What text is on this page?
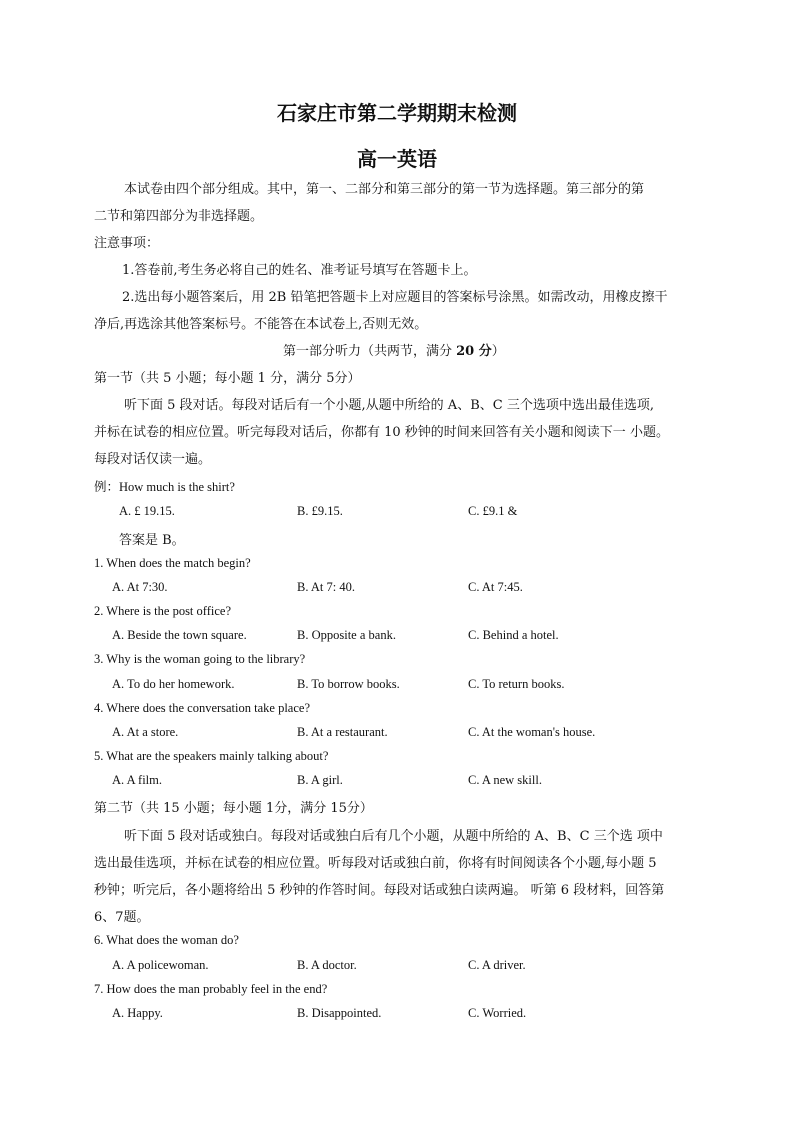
石家庄市第二学期期末检测
高一英语
本试卷由四个部分组成。其中，第一、二部分和第三部分的第一节为选择题。第三部分的第
二节和第四部分为非选择题。
注意事项：
1.答卷前,考生务必将自己的姓名、准考证号填写在答题卡上。
2.选出每小题答案后，用 2B 铅笔把答题卡上对应题目的答案标号涂黑。如需改动，用橡皮擦干
净后,再选涂其他答案标号。不能答在本试卷上,否则无效。
第一部分听力（共两节，满分 20 分）
第一节（共 5 小题；每小题 1 分，满分 5分）
听下面 5 段对话。每段对话后有一个小题,从题中所给的 A、B、C 三个选项中选出最佳选项,
并标在试卷的相应位置。听完每段对话后，你都有 10 秒钟的时间来回答有关小题和阅读下一 小题。
每段对话仅读一遍。
例：How much is the shirt?
A. £ 19.15.	B. £9.15.	C. £9.1 &
答案是 B。
1. When does the match begin?
A. At 7:30.	B. At 7: 40.	C. At 7:45.
2. Where is the post office?
A. Beside the town square.	B. Opposite a bank.	C. Behind a hotel.
3. Why is the woman going to the library?
A. To do her homework.	B. To borrow books.	C. To return books.
4. Where does the conversation take place?
A. At a store.	B. At a restaurant.	C. At the woman's house.
5. What are the speakers mainly talking about?
A. A film.	B. A girl.	C. A new skill.
第二节（共 15 小题；每小题 1分，满分 15分）
听下面 5 段对话或独白。每段对话或独白后有几个小题，从题中所给的 A、B、C 三个选 项中
选出最佳选项，并标在试卷的相应位置。听每段对话或独白前，你将有时间阅读各个小题,每小题 5
秒钟；听完后，各小题将给出 5 秒钟的作答时间。每段对话或独白读两遍。 听第 6 段材料，回答第
6、7题。
6. What does the woman do?
A. A policewoman.	B. A doctor.	C. A driver.
7. How does the man probably feel in the end?
A. Happy.	B. Disappointed.	C. Worried.
